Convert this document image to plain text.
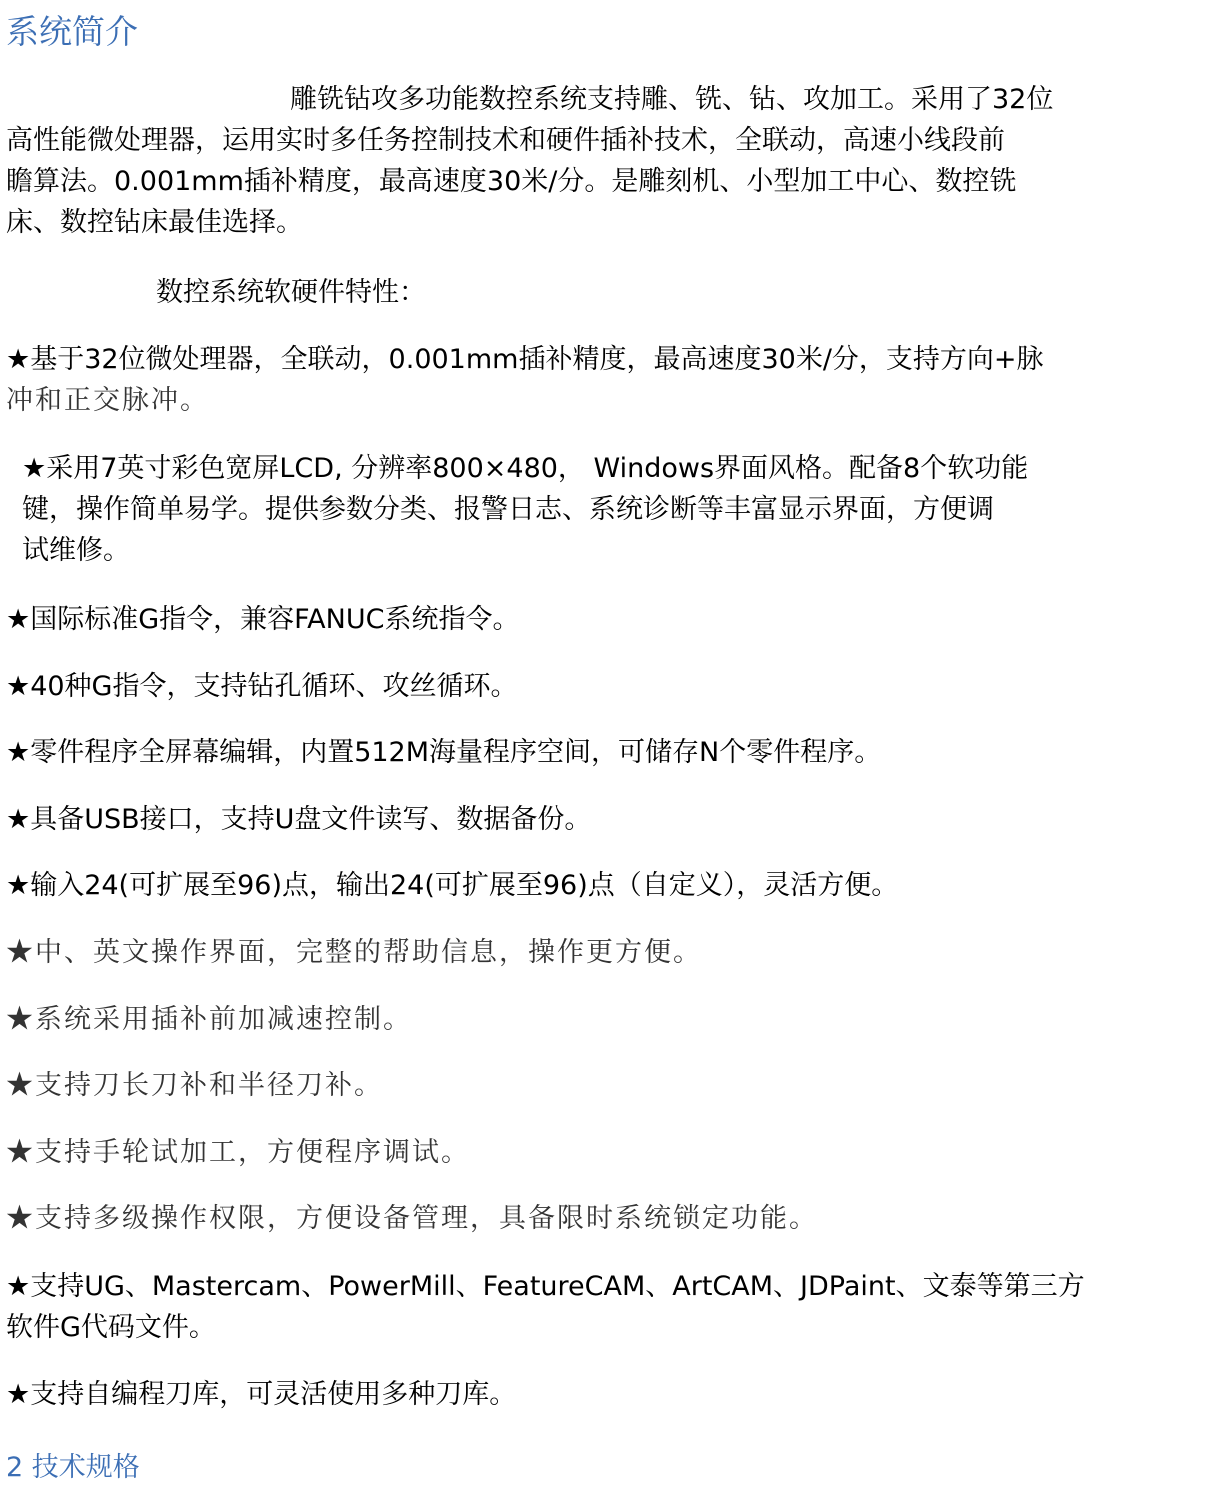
系统简介
雕铣钻攻多功能数控系统支持雕、铣、钻、攻加工。采用了32位
高性能微处理器，运用实时多任务控制技术和硬件插补技术，全联动，高速小线段前
瞻算法。0.001mm插补精度，最高速度30米/分。是雕刻机、小型加工中心、数控铣
床、数控钻床最佳选择。
数控系统软硬件特性：
★基于32位微处理器，全联动，0.001mm插补精度，最高速度30米/分，支持方向+脉
冲和正交脉冲。
★采用7英寸彩色宽屏LCD, 分辨率800×480， Windows界面风格。配备8个软功能
键，操作简单易学。提供参数分类、报警日志、系统诊断等丰富显示界面，方便调
试维修。
★国际标准G指令，兼容FANUC系统指令。
★40种G指令，支持钻孔循环、攻丝循环。
★零件程序全屏幕编辑，内置512M海量程序空间，可储存N个零件程序。
★具备USB接口，支持U盘文件读写、数据备份。
★输入24(可扩展至96)点，输出24(可扩展至96)点（自定义），灵活方便。
★中、英文操作界面，完整的帮助信息，操作更方便。
★系统采用插补前加减速控制。
★支持刀长刀补和半径刀补。
★支持手轮试加工，方便程序调试。
★支持多级操作权限，方便设备管理，具备限时系统锁定功能。
★支持UG、Mastercam、PowerMill、FeatureCAM、ArtCAM、JDPaint、文泰等第三方
软件G代码文件。
★支持自编程刀库，可灵活使用多种刀库。
2 技术规格
